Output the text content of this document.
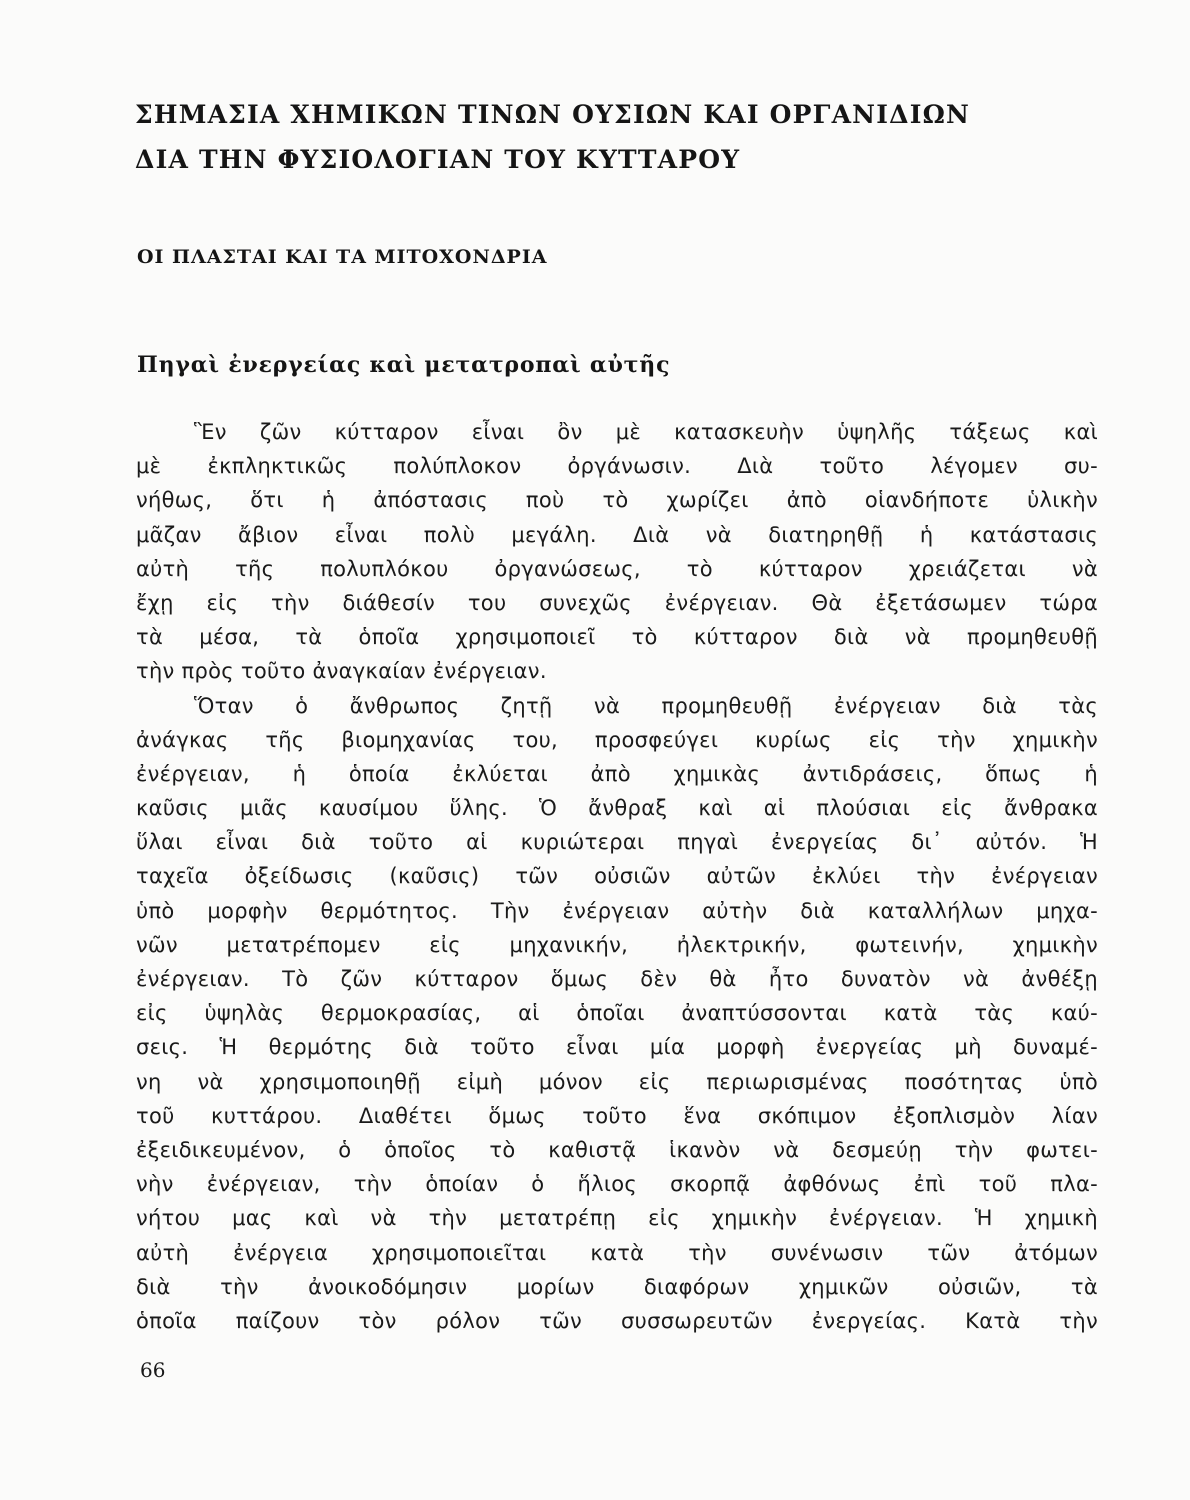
ΣΗΜΑΣΙΑ ΧΗΜΙΚΩΝ ΤΙΝΩΝ ΟΥΣΙΩΝ ΚΑΙ ΟΡΓΑΝΙΔΙΩΝ
ΔΙΑ ΤΗΝ ΦΥΣΙΟΛΟΓΙΑΝ ΤΟΥ ΚΥΤΤΑΡΟΥ
ΟΙ ΠΛΑΣΤΑΙ ΚΑΙ ΤΑ ΜΙΤΟΧΟΝΔΡΙΑ
Πηγαὶ ἐνεργείας καὶ μετατροπαὶ αὐτῆς
Ἓν ζῶν κύτταρον εἶναι ὂν μὲ κατασκευὴν ὑψηλῆς τάξεως καὶ
μὲ ἐκπληκτικῶς πολύπλοκον ὀργάνωσιν. Διὰ τοῦτο λέγομεν συ-
νήθως, ὅτι ἡ ἀπόστασις ποὺ τὸ χωρίζει ἀπὸ οἱανδήποτε ὑλικὴν
μᾶζαν ἄβιον εἶναι πολὺ μεγάλη. Διὰ νὰ διατηρηθῇ ἡ κατάστασις
αὐτὴ τῆς πολυπλόκου ὀργανώσεως, τὸ κύτταρον χρειάζεται νὰ
ἔχῃ εἰς τὴν διάθεσίν του συνεχῶς ἐνέργειαν. Θὰ ἐξετάσωμεν τώρα
τὰ μέσα, τὰ ὁποῖα χρησιμοποιεῖ τὸ κύτταρον διὰ νὰ προμηθευθῇ
τὴν πρὸς τοῦτο ἀναγκαίαν ἐνέργειαν.
Ὅταν ὁ ἄνθρωπος ζητῇ νὰ προμηθευθῇ ἐνέργειαν διὰ τὰς
ἀνάγκας τῆς βιομηχανίας του, προσφεύγει κυρίως εἰς τὴν χημικὴν
ἐνέργειαν, ἡ ὁποία ἐκλύεται ἀπὸ χημικὰς ἀντιδράσεις, ὅπως ἡ
καῦσις μιᾶς καυσίμου ὕλης. Ὁ ἄνθραξ καὶ αἱ πλούσιαι εἰς ἄνθρακα
ὕλαι εἶναι διὰ τοῦτο αἱ κυριώτεραι πηγαὶ ἐνεργείας δι᾽ αὐτόν. Ἡ
ταχεῖα ὀξείδωσις (καῦσις) τῶν οὐσιῶν αὐτῶν ἐκλύει τὴν ἐνέργειαν
ὑπὸ μορφὴν θερμότητος. Τὴν ἐνέργειαν αὐτὴν διὰ καταλλήλων μηχα-
νῶν μετατρέπομεν εἰς μηχανικήν, ἠλεκτρικήν, φωτεινήν, χημικὴν
ἐνέργειαν. Τὸ ζῶν κύτταρον ὅμως δὲν θὰ ἦτο δυνατὸν νὰ ἀνθέξῃ
εἰς ὑψηλὰς θερμοκρασίας, αἱ ὁποῖαι ἀναπτύσσονται κατὰ τὰς καύ-
σεις. Ἡ θερμότης διὰ τοῦτο εἶναι μία μορφὴ ἐνεργείας μὴ δυναμέ-
νη νὰ χρησιμοποιηθῇ εἰμὴ μόνον εἰς περιωρισμένας ποσότητας ὑπὸ
τοῦ κυττάρου. Διαθέτει ὅμως τοῦτο ἕνα σκόπιμον ἐξοπλισμὸν λίαν
ἐξειδικευμένον, ὁ ὁποῖος τὸ καθιστᾷ ἱκανὸν νὰ δεσμεύῃ τὴν φωτει-
νὴν ἐνέργειαν, τὴν ὁποίαν ὁ ἥλιος σκορπᾷ ἀφθόνως ἐπὶ τοῦ πλα-
νήτου μας καὶ νὰ τὴν μετατρέπῃ εἰς χημικὴν ἐνέργειαν. Ἡ χημικὴ
αὐτὴ ἐνέργεια χρησιμοποιεῖται κατὰ τὴν συνένωσιν τῶν ἀτόμων
διὰ τὴν ἀνοικοδόμησιν μορίων διαφόρων χημικῶν οὐσιῶν, τὰ
ὁποῖα παίζουν τὸν ρόλον τῶν συσσωρευτῶν ἐνεργείας. Κατὰ τὴν
66
